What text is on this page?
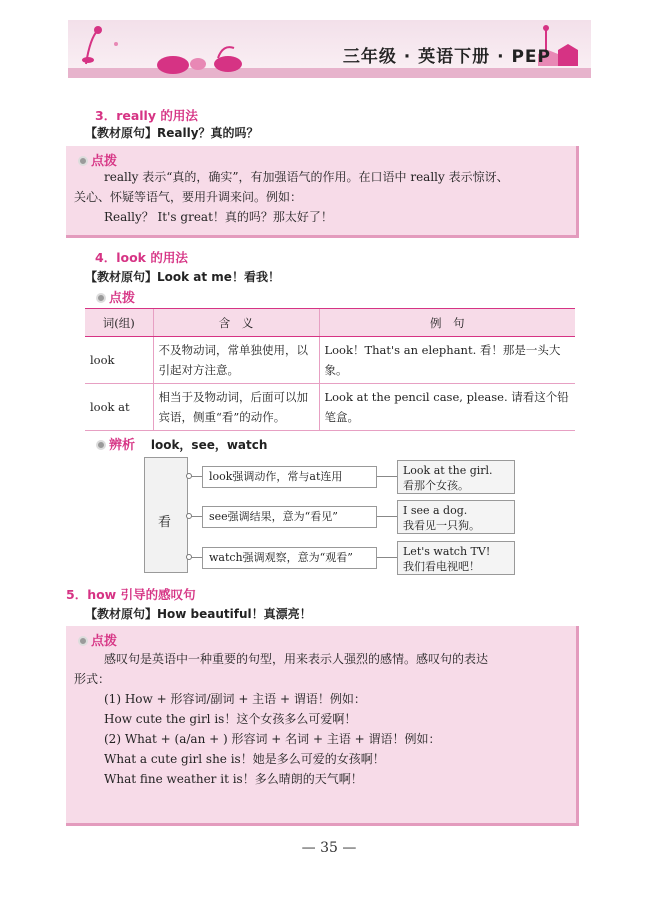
三年级 · 英语下册 · PEP
3．really 的用法
【教材原句】Really？真的吗？
点拨
really 表示“真的，确实”，有加强语气的作用。在口语中 really 表示惊讶、
关心、怀疑等语气，要用升调来问。例如：
Really？ It's great！真的吗？那太好了！
4．look 的用法
【教材原句】Look at me！看我！
点拨
词(组)	含　义	例　句
look	不及物动词，常单独使用，以引起对方注意。	Look！That's an elephant. 看！那是一头大象。
look at	相当于及物动词，后面可以加宾语，侧重“看”的动作。	Look at the pencil case, please. 请看这个铅笔盒。
辨析 look，see，watch
看
look强调动作，常与at连用	Look at the girl.
看那个女孩。
see强调结果，意为“看见”	I see a dog.
我看见一只狗。
watch强调观察，意为“观看”	Let's watch TV!
我们看电视吧！
5．how 引导的感叹句
【教材原句】How beautiful！真漂亮！
点拨
感叹句是英语中一种重要的句型，用来表示人强烈的感情。感叹句的表达
形式：
(1) How + 形容词/副词 + 主语 + 谓语！例如：
How cute the girl is！这个女孩多么可爱啊！
(2) What + (a/an + ) 形容词 + 名词 + 主语 + 谓语！例如：
What a cute girl she is！她是多么可爱的女孩啊！
What fine weather it is！多么晴朗的天气啊！
— 35 —
